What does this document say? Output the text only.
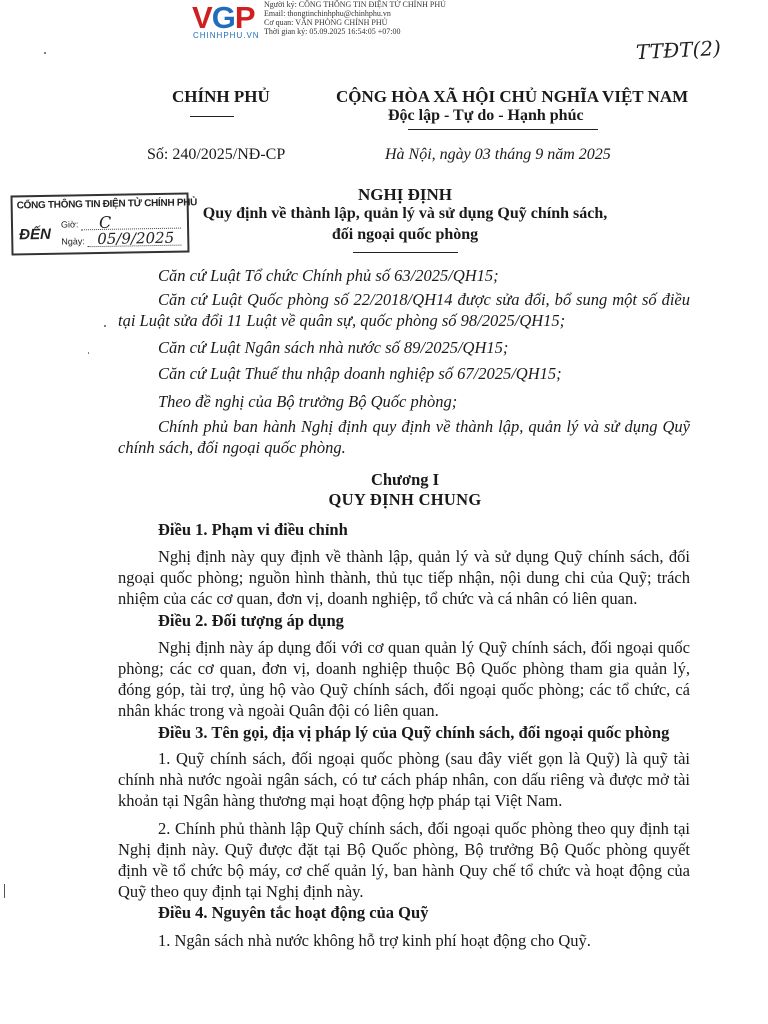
VGP
CHINHPHU.VN
Người ký: CỔNG THÔNG TIN ĐIỆN TỬ CHÍNH PHỦ
Email: thongtinchinhphu@chinhphu.vn
Cơ quan: VĂN PHÒNG CHÍNH PHỦ
Thời gian ký: 05.09.2025 16:54:05 +07:00
TTĐT(2)
CHÍNH PHỦ	CỘNG HÒA XÃ HỘI CHỦ NGHĨA VIỆT NAM
Độc lập - Tự do - Hạnh phúc
Số: 240/2025/NĐ-CP	Hà Nội, ngày 03 tháng 9 năm 2025
CỔNG THÔNG TIN ĐIỆN TỬ CHÍNH PHỦ
ĐẾN
Giờ: C
Ngày: 05/9/2025
NGHỊ ĐỊNH
Quy định về thành lập, quản lý và sử dụng Quỹ chính sách,
đối ngoại quốc phòng
Căn cứ Luật Tổ chức Chính phủ số 63/2025/QH15;
Căn cứ Luật Quốc phòng số 22/2018/QH14 được sửa đổi, bổ sung một số điều tại Luật sửa đổi 11 Luật về quân sự, quốc phòng số 98/2025/QH15;
Căn cứ Luật Ngân sách nhà nước số 89/2025/QH15;
Căn cứ Luật Thuế thu nhập doanh nghiệp số 67/2025/QH15;
Theo đề nghị của Bộ trưởng Bộ Quốc phòng;
Chính phủ ban hành Nghị định quy định về thành lập, quản lý và sử dụng Quỹ chính sách, đối ngoại quốc phòng.
Chương I
QUY ĐỊNH CHUNG
Điều 1. Phạm vi điều chỉnh
Nghị định này quy định về thành lập, quản lý và sử dụng Quỹ chính sách, đối ngoại quốc phòng; nguồn hình thành, thủ tục tiếp nhận, nội dung chi của Quỹ; trách nhiệm của các cơ quan, đơn vị, doanh nghiệp, tổ chức và cá nhân có liên quan.
Điều 2. Đối tượng áp dụng
Nghị định này áp dụng đối với cơ quan quản lý Quỹ chính sách, đối ngoại quốc phòng; các cơ quan, đơn vị, doanh nghiệp thuộc Bộ Quốc phòng tham gia quản lý, đóng góp, tài trợ, ủng hộ vào Quỹ chính sách, đối ngoại quốc phòng; các tổ chức, cá nhân khác trong và ngoài Quân đội có liên quan.
Điều 3. Tên gọi, địa vị pháp lý của Quỹ chính sách, đối ngoại quốc phòng
1. Quỹ chính sách, đối ngoại quốc phòng (sau đây viết gọn là Quỹ) là quỹ tài chính nhà nước ngoài ngân sách, có tư cách pháp nhân, con dấu riêng và được mở tài khoản tại Ngân hàng thương mại hoạt động hợp pháp tại Việt Nam.
2. Chính phủ thành lập Quỹ chính sách, đối ngoại quốc phòng theo quy định tại Nghị định này. Quỹ được đặt tại Bộ Quốc phòng, Bộ trưởng Bộ Quốc phòng quyết định về tổ chức bộ máy, cơ chế quản lý, ban hành Quy chế tổ chức và hoạt động của Quỹ theo quy định tại Nghị định này.
Điều 4. Nguyên tắc hoạt động của Quỹ
1. Ngân sách nhà nước không hỗ trợ kinh phí hoạt động cho Quỹ.
